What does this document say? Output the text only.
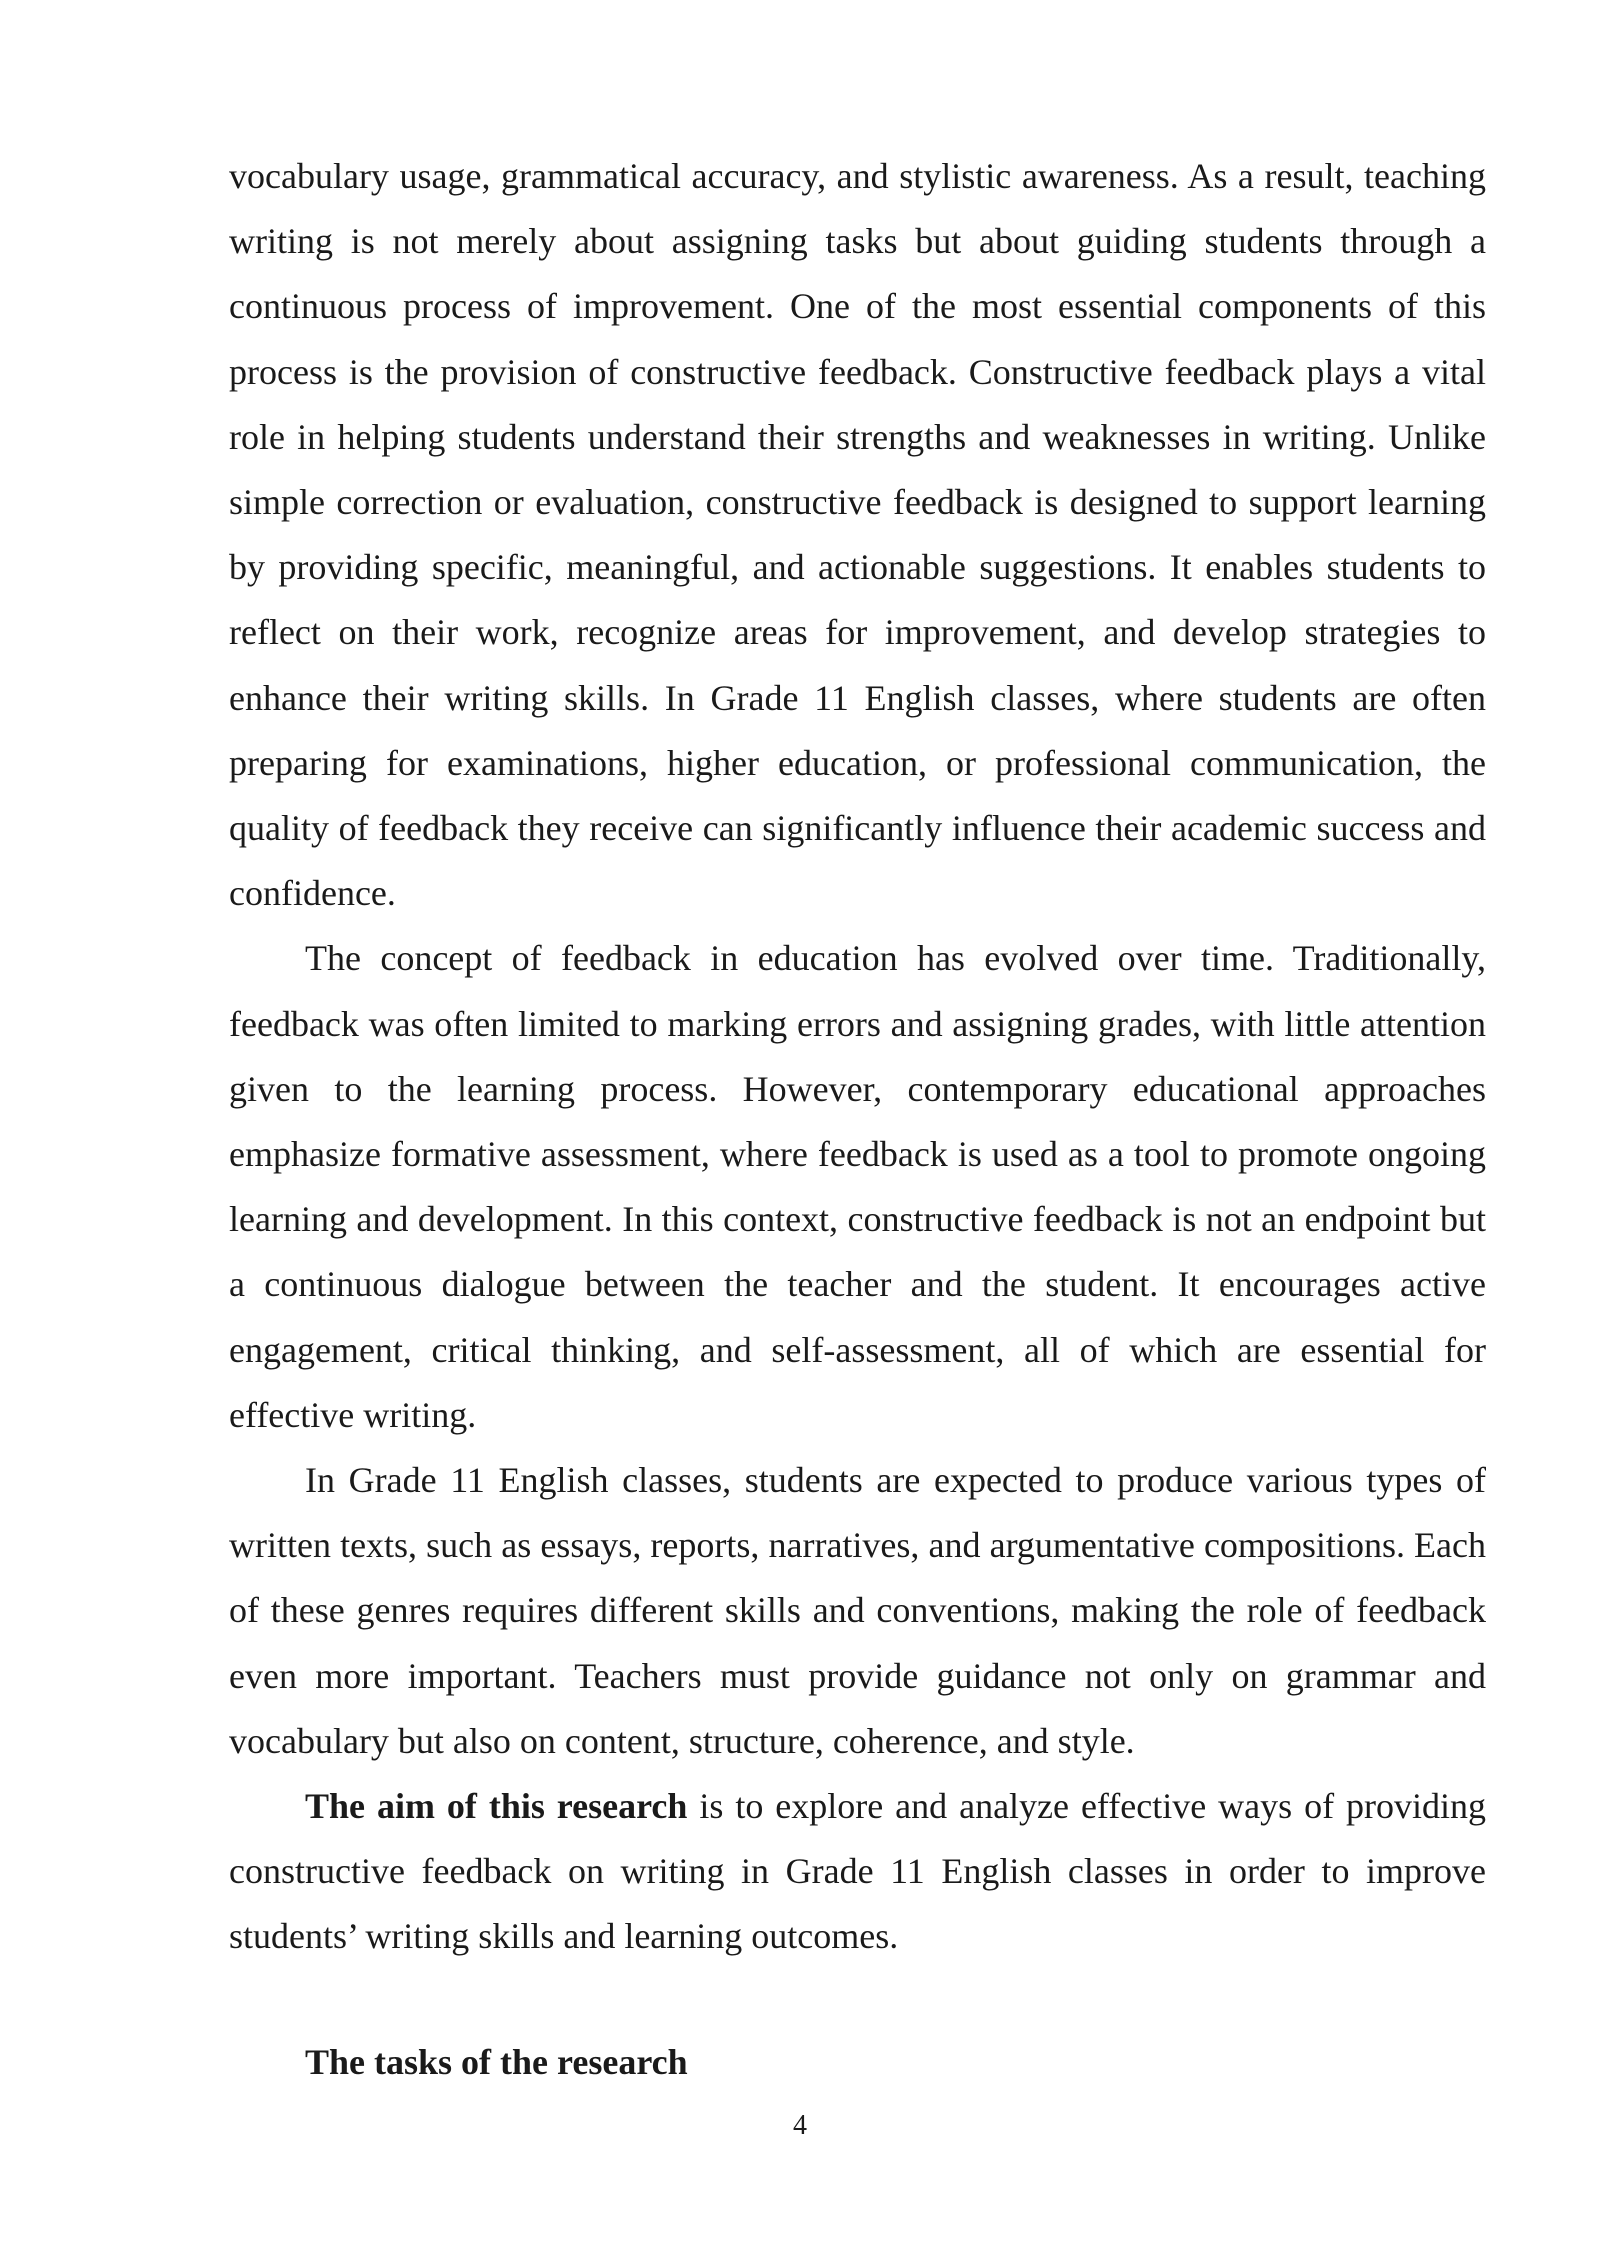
vocabulary usage, grammatical accuracy, and stylistic awareness. As a result, teaching writing is not merely about assigning tasks but about guiding students through a continuous process of improvement. One of the most essential components of this process is the provision of constructive feedback. Constructive feedback plays a vital role in helping students understand their strengths and weaknesses in writing. Unlike simple correction or evaluation, constructive feedback is designed to support learning by providing specific, meaningful, and actionable suggestions. It enables students to reflect on their work, recognize areas for improvement, and develop strategies to enhance their writing skills. In Grade 11 English classes, where students are often preparing for examinations, higher education, or professional communication, the quality of feedback they receive can significantly influence their academic success and confidence.

The concept of feedback in education has evolved over time. Traditionally, feedback was often limited to marking errors and assigning grades, with little attention given to the learning process. However, contemporary educational approaches emphasize formative assessment, where feedback is used as a tool to promote ongoing learning and development. In this context, constructive feedback is not an endpoint but a continuous dialogue between the teacher and the student. It encourages active engagement, critical thinking, and self-assessment, all of which are essential for effective writing.

In Grade 11 English classes, students are expected to produce various types of written texts, such as essays, reports, narratives, and argumentative compositions. Each of these genres requires different skills and conventions, making the role of feedback even more important. Teachers must provide guidance not only on grammar and vocabulary but also on content, structure, coherence, and style.

The aim of this research is to explore and analyze effective ways of providing constructive feedback on writing in Grade 11 English classes in order to improve students’ writing skills and learning outcomes.

The tasks of the research
4
